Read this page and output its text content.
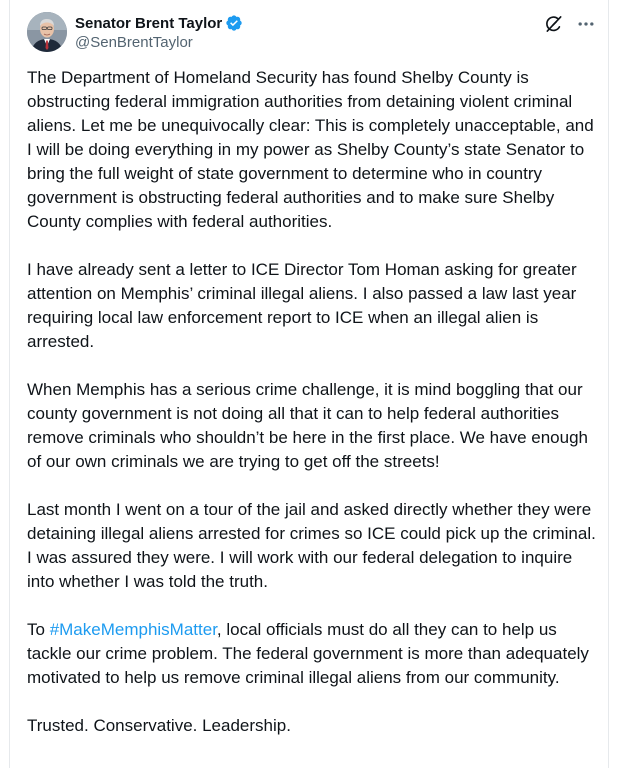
Senator Brent Taylor
@SenBrentTaylor

The Department of Homeland Security has found Shelby County is obstructing federal immigration authorities from detaining violent criminal aliens. Let me be unequivocally clear: This is completely unacceptable, and I will be doing everything in my power as Shelby County’s state Senator to bring the full weight of state government to determine who in country government is obstructing federal authorities and to make sure Shelby County complies with federal authorities.

I have already sent a letter to ICE Director Tom Homan asking for greater attention on Memphis’ criminal illegal aliens. I also passed a law last year requiring local law enforcement report to ICE when an illegal alien is arrested.

When Memphis has a serious crime challenge, it is mind boggling that our county government is not doing all that it can to help federal authorities remove criminals who shouldn’t be here in the first place. We have enough of our own criminals we are trying to get off the streets!

Last month I went on a tour of the jail and asked directly whether they were detaining illegal aliens arrested for crimes so ICE could pick up the criminal. I was assured they were. I will work with our federal delegation to inquire into whether I was told the truth.

To #MakeMemphisMatter, local officials must do all they can to help us tackle our crime problem. The federal government is more than adequately motivated to help us remove criminal illegal aliens from our community.

Trusted. Conservative. Leadership.
